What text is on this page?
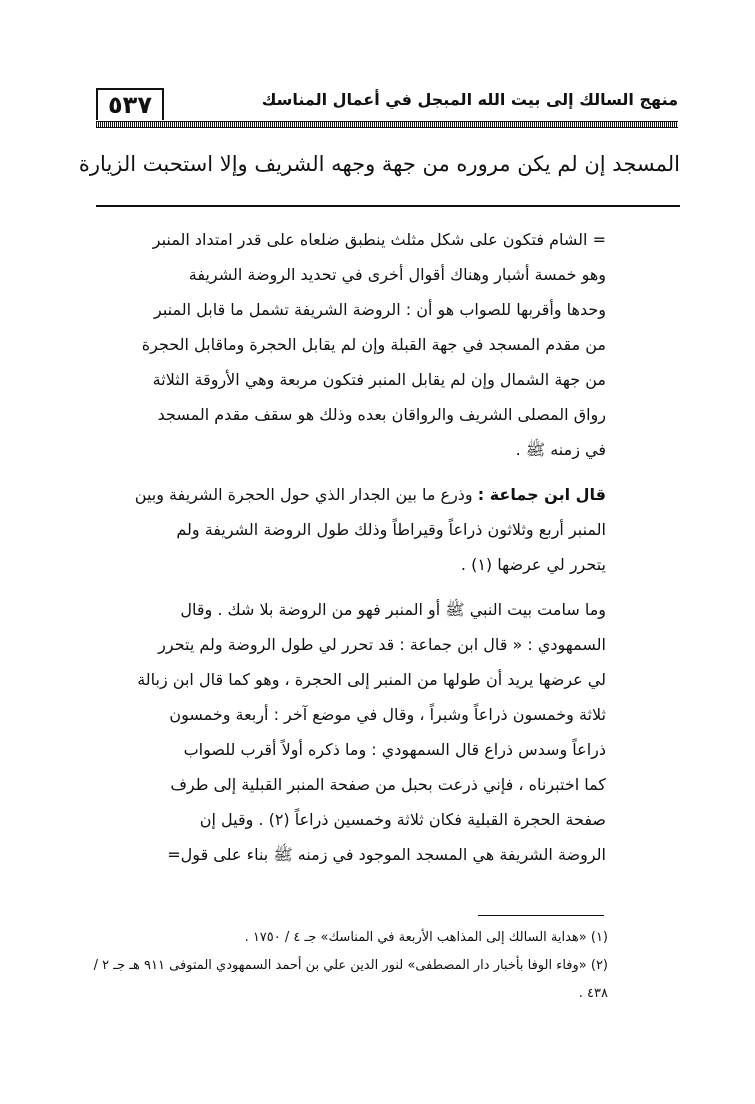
منهج السالك إلى بيت الله المبجل في أعمال المناسك
٥٣٧
المسجد إن لم يكن مروره من جهة وجهه الشريف وإلا استحبت الزيارة
= الشام فتكون على شكل مثلث ينطبق ضلعاه على قدر امتداد المنبر
وهو خمسة أشبار وهناك أقوال أخرى في تحديد الروضة الشريفة
وحدها وأقربها للصواب هو أن : الروضة الشريفة تشمل ما قابل المنبر
من مقدم المسجد في جهة القبلة وإن لم يقابل الحجرة وماقابل الحجرة
من جهة الشمال وإن لم يقابل المنبر فتكون مربعة وهي الأروقة الثلاثة
رواق المصلى الشريف والرواقان بعده وذلك هو سقف مقدم المسجد
في زمنه ﷺ .
قال ابن جماعة : وذرع ما بين الجدار الذي حول الحجرة الشريفة وبين
المنبر أربع وثلاثون ذراعاً وقيراطاً وذلك طول الروضة الشريفة ولم
يتحرر لي عرضها (١) .
وما سامت بيت النبي ﷺ أو المنبر فهو من الروضة بلا شك . وقال
السمهودي : « قال ابن جماعة : قد تحرر لي طول الروضة ولم يتحرر
لي عرضها يريد أن طولها من المنبر إلى الحجرة ، وهو كما قال ابن زبالة
ثلاثة وخمسون ذراعاً وشبراً ، وقال في موضع آخر : أربعة وخمسون
ذراعاً وسدس ذراع قال السمهودي : وما ذكره أولاً أقرب للصواب
كما اختبرناه ، فإني ذرعت بحبل من صفحة المنبر القبلية إلى طرف
صفحة الحجرة القبلية فكان ثلاثة وخمسين ذراعاً (٢) . وقيل إن
الروضة الشريفة هي المسجد الموجود في زمنه ﷺ بناء على قول=
(١) «هداية السالك إلى المذاهب الأربعة في المناسك» جـ ٤ / ١٧٥٠ .
(٢) «وفاء الوفا بأخبار دار المصطفى» لنور الدين علي بن أحمد السمهودي المتوفى ٩١١ هـ جـ ٢ /
٤٣٨ .
